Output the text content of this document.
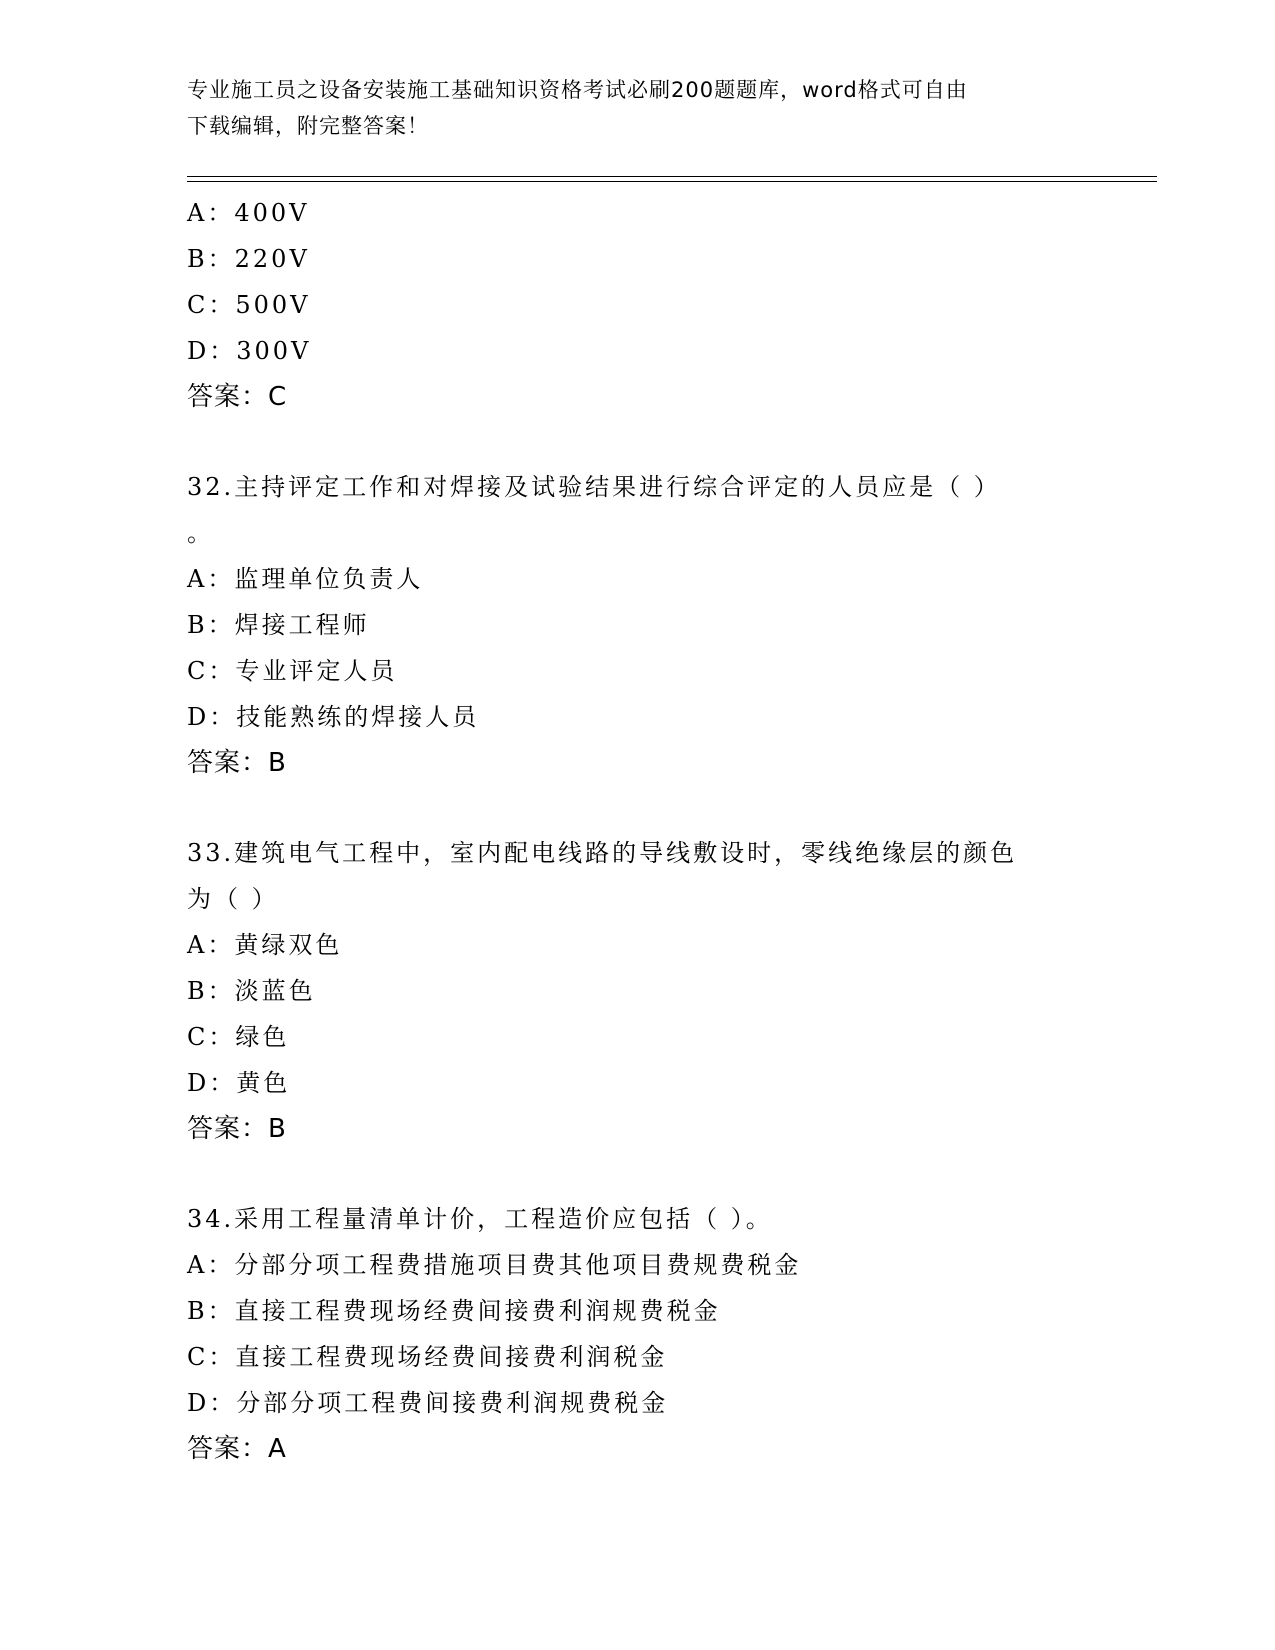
专业施工员之设备安装施工基础知识资格考试必刷200题题库，word格式可自由
下载编辑，附完整答案！
A：400V
B：220V
C：500V
D：300V
答案：C
32.主持评定工作和对焊接及试验结果进行综合评定的人员应是（ ）
。
A：监理单位负责人
B：焊接工程师
C：专业评定人员
D：技能熟练的焊接人员
答案：B
33.建筑电气工程中，室内配电线路的导线敷设时，零线绝缘层的颜色
为（ ）
A：黄绿双色
B：淡蓝色
C：绿色
D：黄色
答案：B
34.采用工程量清单计价，工程造价应包括（ ）。
A：分部分项工程费措施项目费其他项目费规费税金
B：直接工程费现场经费间接费利润规费税金
C：直接工程费现场经费间接费利润税金
D：分部分项工程费间接费利润规费税金
答案：A
